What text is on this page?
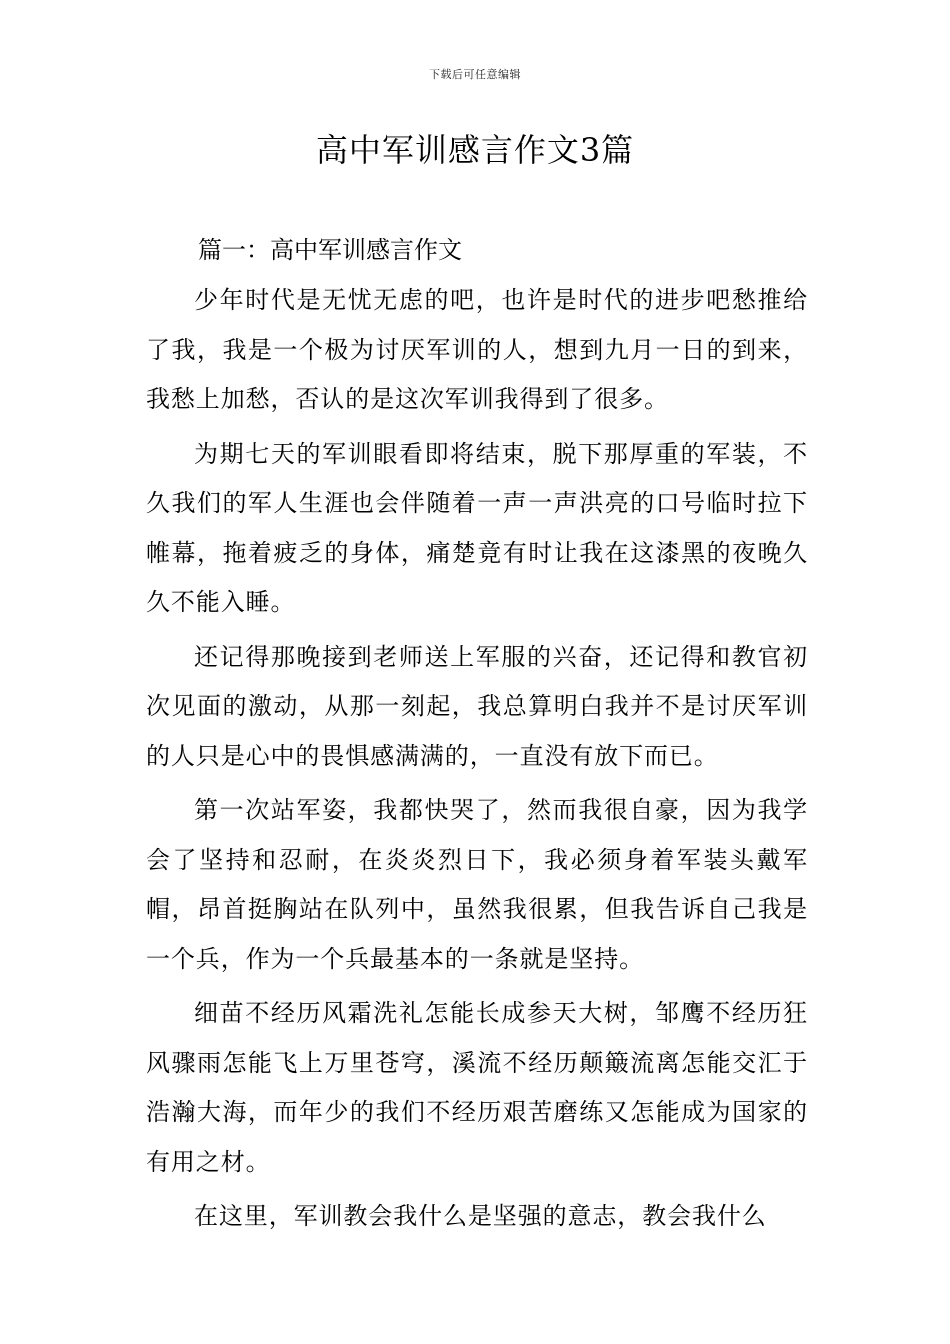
下载后可任意编辑
高中军训感言作文3篇

篇一：高中军训感言作文

少年时代是无忧无虑的吧，也许是时代的进步吧愁推给了我，我是一个极为讨厌军训的人，想到九月一日的到来，我愁上加愁，否认的是这次军训我得到了很多。

为期七天的军训眼看即将结束，脱下那厚重的军装，不久我们的军人生涯也会伴随着一声一声洪亮的口号临时拉下帷幕，拖着疲乏的身体，痛楚竟有时让我在这漆黑的夜晚久久不能入睡。

还记得那晚接到老师送上军服的兴奋，还记得和教官初次见面的激动，从那一刻起，我总算明白我并不是讨厌军训的人只是心中的畏惧感满满的，一直没有放下而已。

第一次站军姿，我都快哭了，然而我很自豪，因为我学会了坚持和忍耐，在炎炎烈日下，我必须身着军装头戴军帽，昂首挺胸站在队列中，虽然我很累，但我告诉自己我是一个兵，作为一个兵最基本的一条就是坚持。

细苗不经历风霜洗礼怎能长成参天大树，邹鹰不经历狂风骤雨怎能飞上万里苍穹，溪流不经历颠簸流离怎能交汇于浩瀚大海，而年少的我们不经历艰苦磨练又怎能成为国家的有用之材。

在这里，军训教会我什么是坚强的意志，教会我什么
